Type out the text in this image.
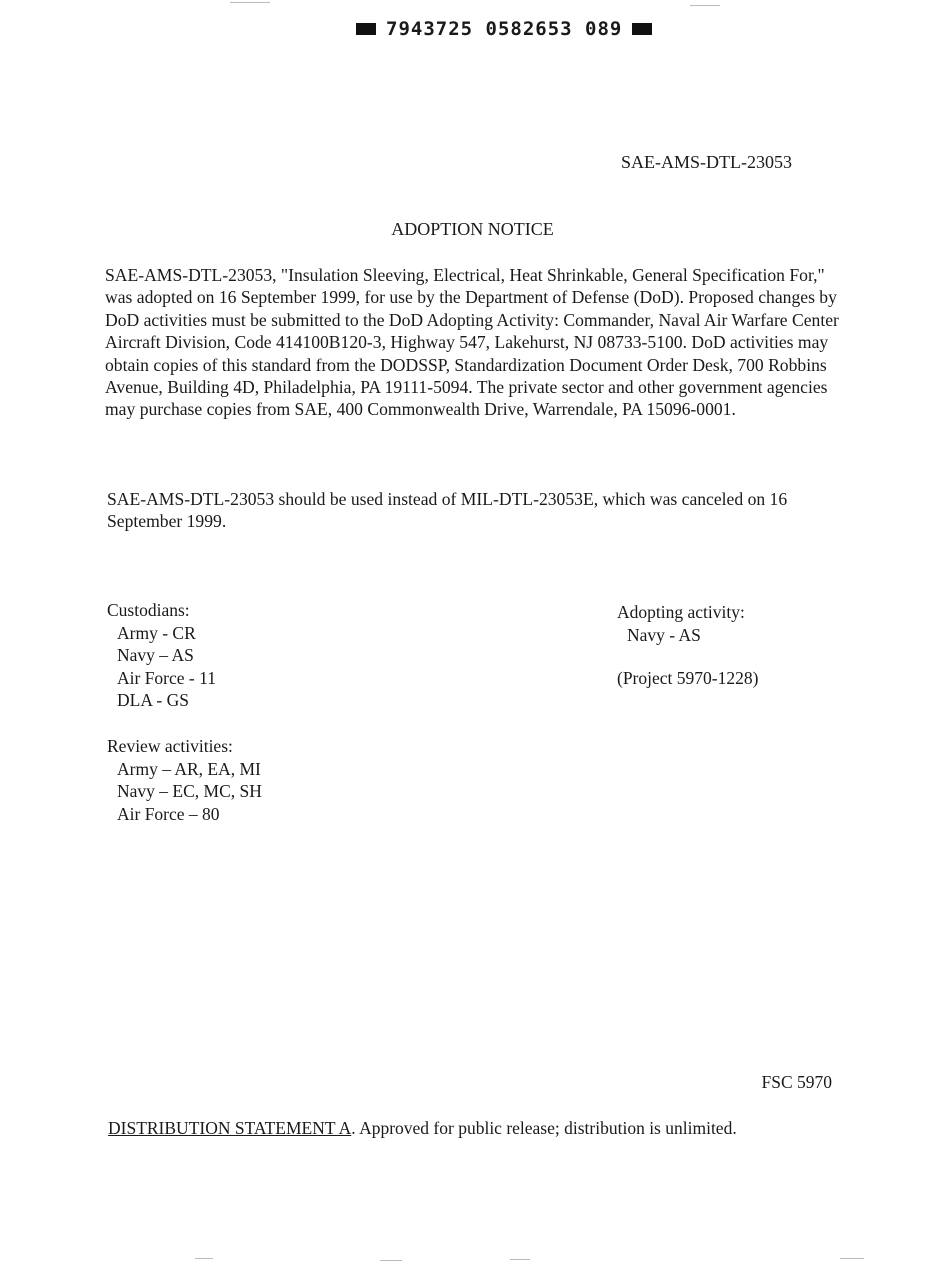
7943725 0582653 089
SAE-AMS-DTL-23053
ADOPTION NOTICE
SAE-AMS-DTL-23053, "Insulation Sleeving, Electrical, Heat Shrinkable, General Specification For," was adopted on 16 September 1999, for use by the Department of Defense (DoD). Proposed changes by DoD activities must be submitted to the DoD Adopting Activity: Commander, Naval Air Warfare Center Aircraft Division, Code 414100B120-3, Highway 547, Lakehurst, NJ 08733-5100. DoD activities may obtain copies of this standard from the DODSSP, Standardization Document Order Desk, 700 Robbins Avenue, Building 4D, Philadelphia, PA 19111-5094. The private sector and other government agencies may purchase copies from SAE, 400 Commonwealth Drive, Warrendale, PA 15096-0001.
SAE-AMS-DTL-23053 should be used instead of MIL-DTL-23053E, which was canceled on 16 September 1999.
Custodians:
Army - CR
Navy – AS
Air Force - 11
DLA - GS
Review activities:
Army – AR, EA, MI
Navy – EC, MC, SH
Air Force – 80
Adopting activity:
Navy - AS
(Project 5970-1228)
FSC 5970
DISTRIBUTION STATEMENT A. Approved for public release; distribution is unlimited.
